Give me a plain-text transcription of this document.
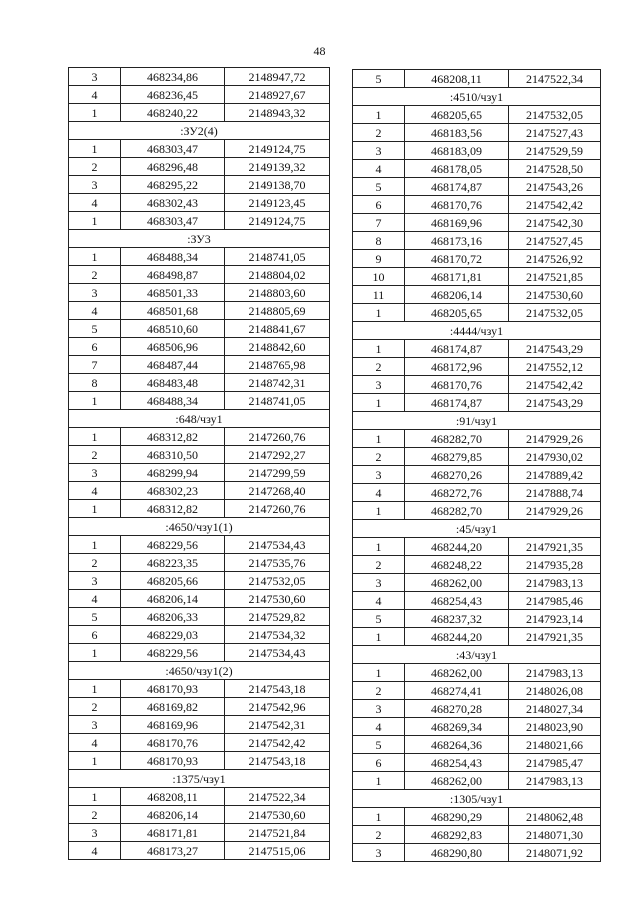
48
3	468234,86	2148947,72
4	468236,45	2148927,67
1	468240,22	2148943,32
:ЗУ2(4)		
1	468303,47	2149124,75
2	468296,48	2149139,32
3	468295,22	2149138,70
4	468302,43	2149123,45
1	468303,47	2149124,75
:ЗУ3		
1	468488,34	2148741,05
2	468498,87	2148804,02
3	468501,33	2148803,60
4	468501,68	2148805,69
5	468510,60	2148841,67
6	468506,96	2148842,60
7	468487,44	2148765,98
8	468483,48	2148742,31
1	468488,34	2148741,05
:648/чзу1		
1	468312,82	2147260,76
2	468310,50	2147292,27
3	468299,94	2147299,59
4	468302,23	2147268,40
1	468312,82	2147260,76
:4650/чзу1(1)		
1	468229,56	2147534,43
2	468223,35	2147535,76
3	468205,66	2147532,05
4	468206,14	2147530,60
5	468206,33	2147529,82
6	468229,03	2147534,32
1	468229,56	2147534,43
:4650/чзу1(2)		
1	468170,93	2147543,18
2	468169,82	2147542,96
3	468169,96	2147542,31
4	468170,76	2147542,42
1	468170,93	2147543,18
:1375/чзу1		
1	468208,11	2147522,34
2	468206,14	2147530,60
3	468171,81	2147521,84
4	468173,27	2147515,06
5	468208,11	2147522,34
:4510/чзу1		
1	468205,65	2147532,05
2	468183,56	2147527,43
3	468183,09	2147529,59
4	468178,05	2147528,50
5	468174,87	2147543,26
6	468170,76	2147542,42
7	468169,96	2147542,30
8	468173,16	2147527,45
9	468170,72	2147526,92
10	468171,81	2147521,85
11	468206,14	2147530,60
1	468205,65	2147532,05
:4444/чзу1		
1	468174,87	2147543,29
2	468172,96	2147552,12
3	468170,76	2147542,42
1	468174,87	2147543,29
:91/чзу1		
1	468282,70	2147929,26
2	468279,85	2147930,02
3	468270,26	2147889,42
4	468272,76	2147888,74
1	468282,70	2147929,26
:45/чзу1		
1	468244,20	2147921,35
2	468248,22	2147935,28
3	468262,00	2147983,13
4	468254,43	2147985,46
5	468237,32	2147923,14
1	468244,20	2147921,35
:43/чзу1		
1	468262,00	2147983,13
2	468274,41	2148026,08
3	468270,28	2148027,34
4	468269,34	2148023,90
5	468264,36	2148021,66
6	468254,43	2147985,47
1	468262,00	2147983,13
:1305/чзу1		
1	468290,29	2148062,48
2	468292,83	2148071,30
3	468290,80	2148071,92
